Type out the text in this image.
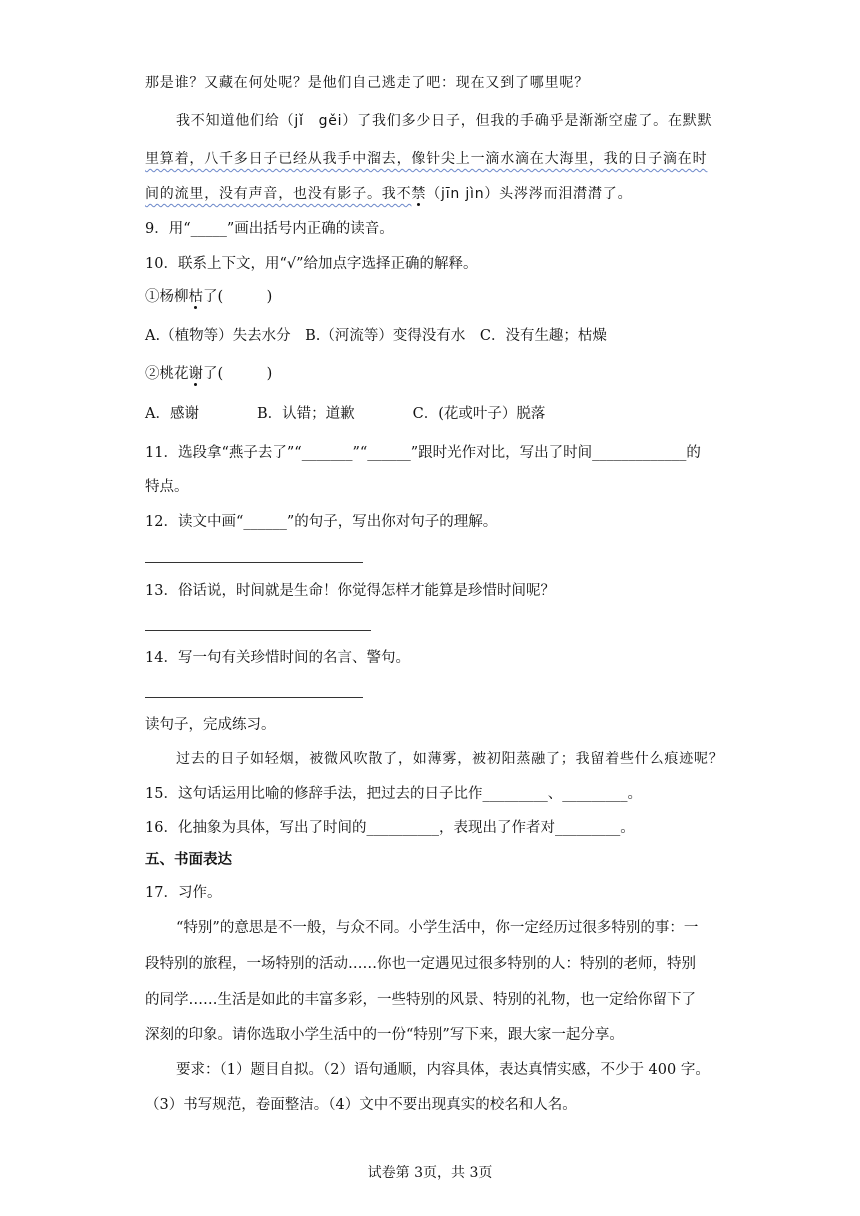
那是谁？又藏在何处呢？是他们自己逃走了吧：现在又到了哪里呢？
我不知道他们给（jǐ　gěi）了我们多少日子，但我的手确乎是渐渐空虚了。在默默
里算着，八千多日子已经从我手中溜去，像针尖上一滴水滴在大海里，我的日子滴在时
间的流里，没有声音，也没有影子。我不禁（jīn jìn）头涔涔而泪潸潸了。
9．用“_____”画出括号内正确的读音。
10．联系上下文，用“√”给加点字选择正确的解释。
①杨柳枯了(　　　)
A.（植物等）失去水分　B.（河流等）变得没有水　C．没有生趣；枯燥
②桃花谢了(　　　)
A．感谢　　　　B．认错；道歉　　　　C．(花或叶子）脱落
11．选段拿“燕子去了”“_______”“______”跟时光作对比，写出了时间_____________的
特点。
12．读文中画“______”的句子，写出你对句子的理解。
13．俗话说，时间就是生命！你觉得怎样才能算是珍惜时间呢？
14．写一句有关珍惜时间的名言、警句。
读句子，完成练习。
过去的日子如轻烟，被微风吹散了，如薄雾，被初阳蒸融了；我留着些什么痕迹呢？
15．这句话运用比喻的修辞手法，把过去的日子比作_________、_________。
16．化抽象为具体，写出了时间的__________，表现出了作者对_________。
五、书面表达
17．习作。
“特别”的意思是不一般，与众不同。小学生活中，你一定经历过很多特别的事：一
段特别的旅程，一场特别的活动……你也一定遇见过很多特别的人：特别的老师，特别
的同学……生活是如此的丰富多彩，一些特别的风景、特别的礼物，也一定给你留下了
深刻的印象。请你选取小学生活中的一份“特别”写下来，跟大家一起分享。
要求：（1）题目自拟。（2）语句通顺，内容具体，表达真情实感，不少于 400 字。
（3）书写规范，卷面整洁。（4）文中不要出现真实的校名和人名。
试卷第 3页，共 3页
